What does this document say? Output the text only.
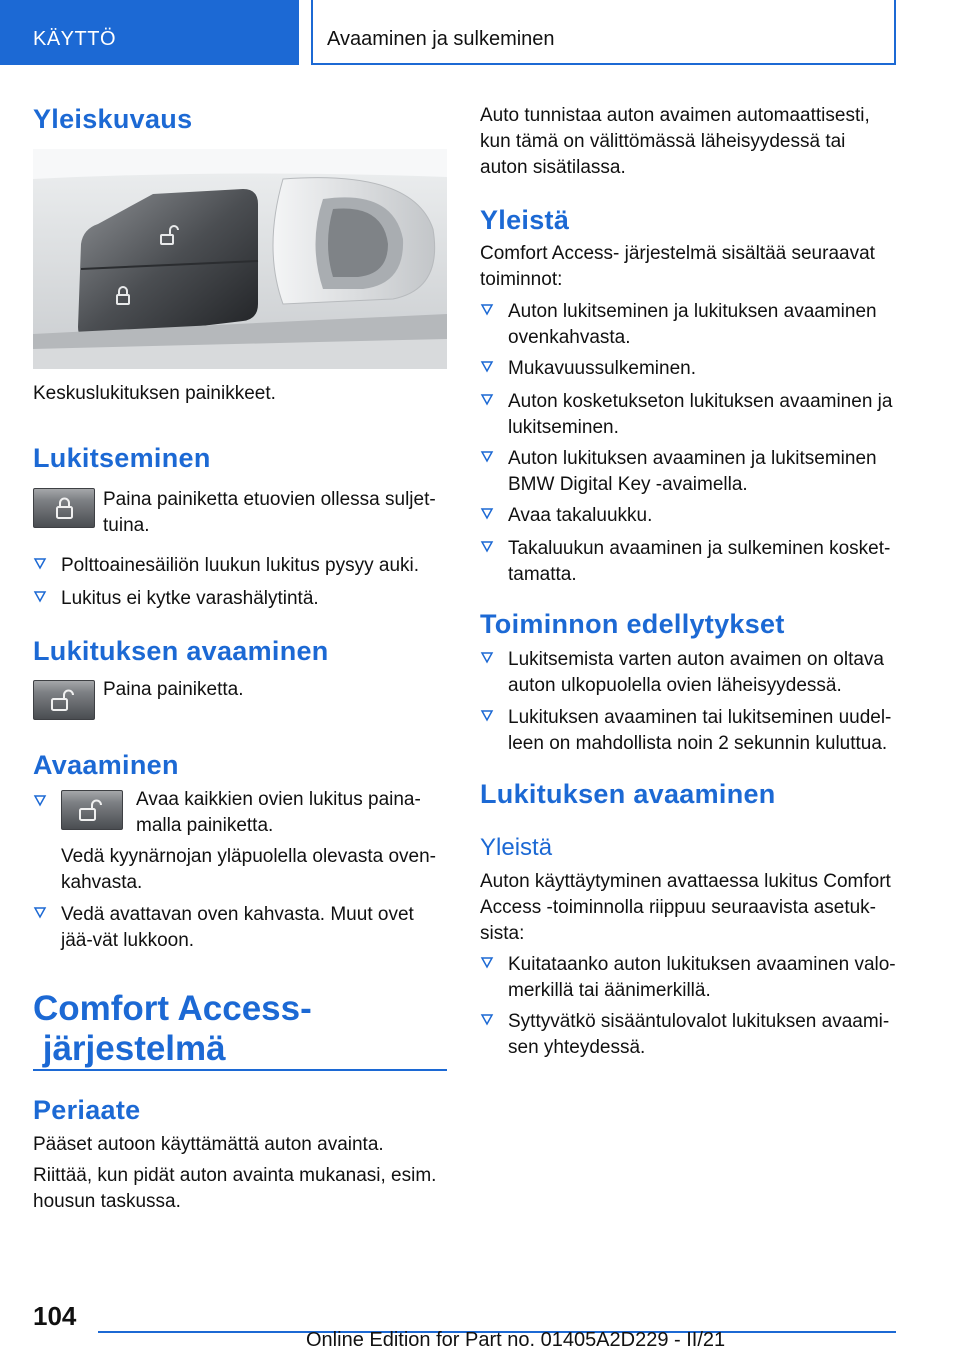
KÄYTTÖ	Avaaminen ja sulkeminen
Yleiskuvaus
Keskuslukituksen painikkeet.
Lukitseminen
Paina painiketta etuovien ollessa suljet‐tuina.
Polttoainesäiliön luukun lukitus pysyy auki.
Lukitus ei kytke varashälytintä.
Lukituksen avaaminen
Paina painiketta.
Avaaminen
Avaa kaikkien ovien lukitus paina‐malla painiketta.
Vedä kyynärnojan yläpuolella olevasta oven‐kahvasta.
Vedä avattavan oven kahvasta. Muut ovet jää‐vät lukkoon.
Comfort Access-
järjestelmä
Periaate
Pääset autoon käyttämättä auton avainta.
Riittää, kun pidät auton avainta mukanasi, esim. housun taskussa.
Auto tunnistaa auton avaimen automaattisesti, kun tämä on välittömässä läheisyydessä tai auton sisätilassa.
Yleistä
Comfort Access- järjestelmä sisältää seuraavat toiminnot:
Auton lukitseminen ja lukituksen avaaminen ovenkahvasta.
Mukavuussulkeminen.
Auton kosketukseton lukituksen avaaminen ja lukitseminen.
Auton lukituksen avaaminen ja lukitseminen BMW Digital Key -avaimella.
Avaa takaluukku.
Takaluukun avaaminen ja sulkeminen kosket‐tamatta.
Toiminnon edellytykset
Lukitsemista varten auton avaimen on oltava auton ulkopuolella ovien läheisyydessä.
Lukituksen avaaminen tai lukitseminen uudel‐leen on mahdollista noin 2 sekunnin kuluttua.
Lukituksen avaaminen
Yleistä
Auton käyttäytyminen avattaessa lukitus Comfort Access -toiminnolla riippuu seuraavista asetuk‐sista:
Kuitataanko auton lukituksen avaaminen valo‐merkillä tai äänimerkillä.
Syttyvätkö sisääntulovalot lukituksen avaami‐sen yhteydessä.
104
Online Edition for Part no. 01405A2D229 - II/21
